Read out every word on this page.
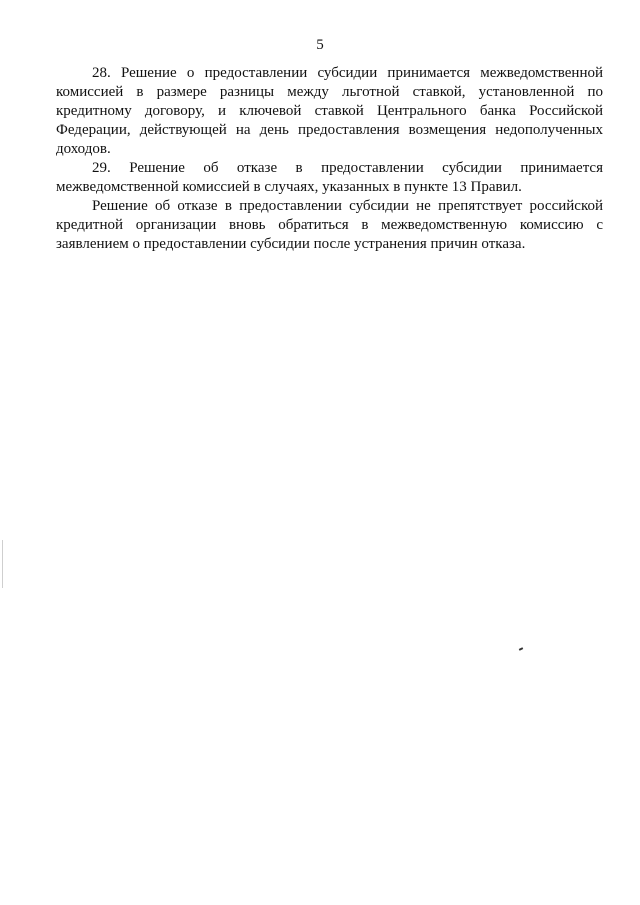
5

28. Решение о предоставлении субсидии принимается межведомственной комиссией в размере разницы между льготной ставкой, установленной по кредитному договору, и ключевой ставкой Центрального банка Российской Федерации, действующей на день предоставления возмещения недополученных доходов.

29. Решение об отказе в предоставлении субсидии принимается межведомственной комиссией в случаях, указанных в пункте 13 Правил.

Решение об отказе в предоставлении субсидии не препятствует российской кредитной организации вновь обратиться в межведомственную комиссию с заявлением о предоставлении субсидии после устранения причин отказа.
